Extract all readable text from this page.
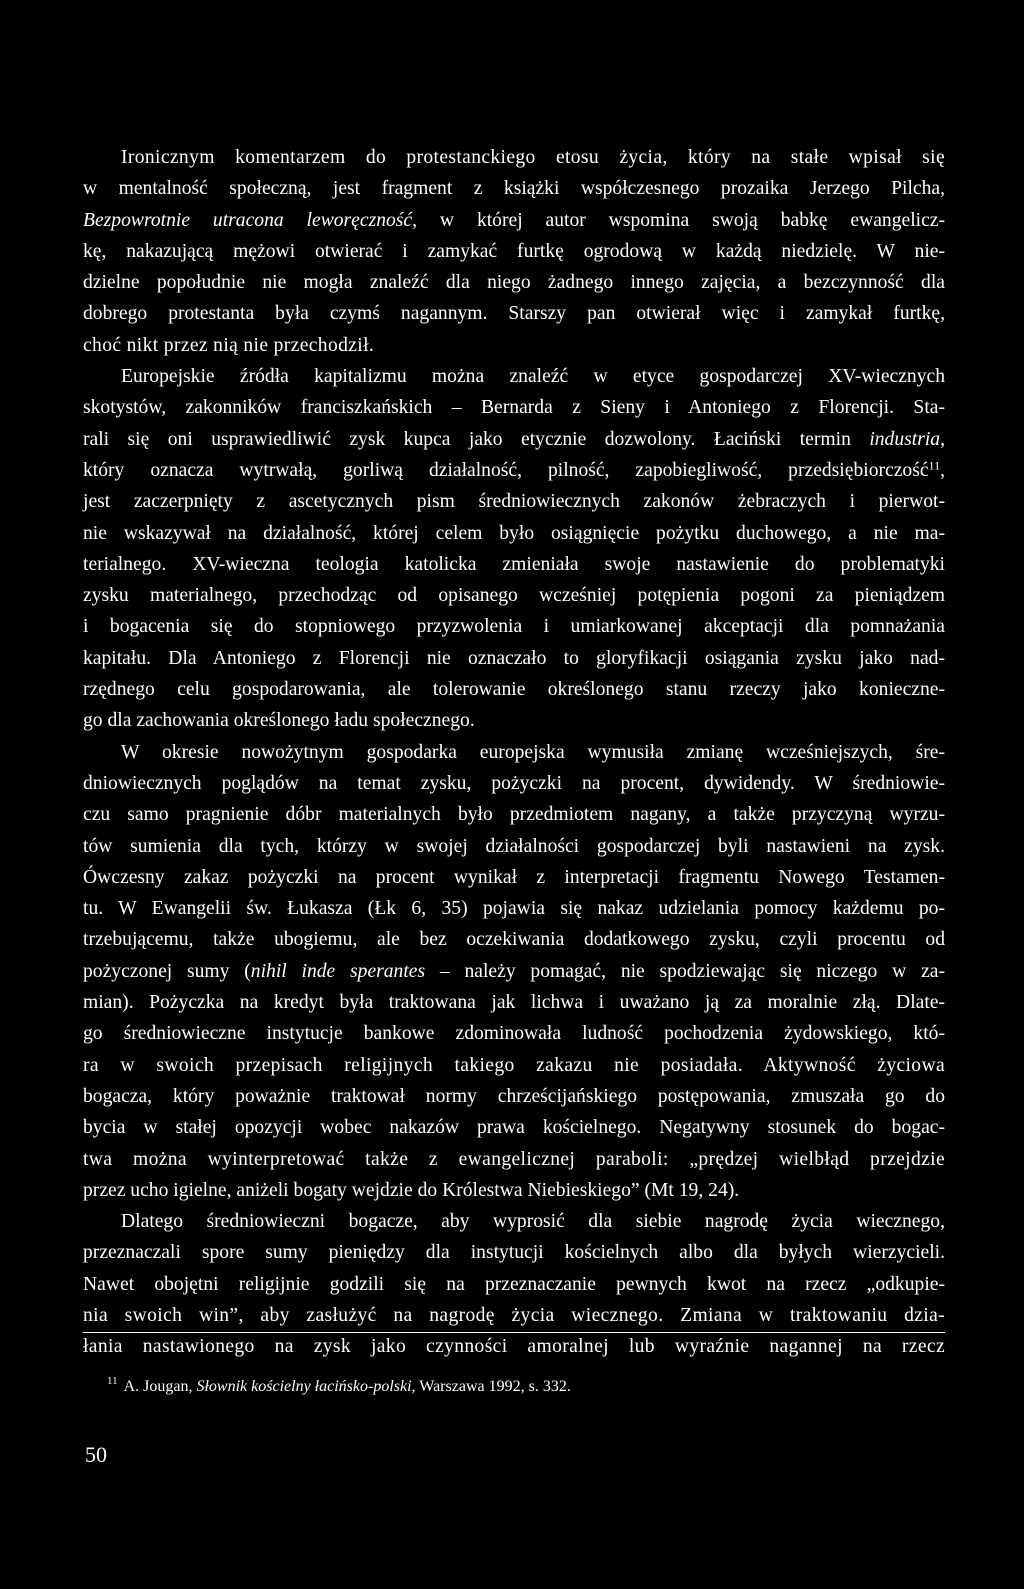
Ironicznym komentarzem do protestanckiego etosu życia, który na stałe wpisał się
w mentalność społeczną, jest fragment z książki współczesnego prozaika Jerzego Pilcha,
Bezpowrotnie utracona leworęczność, w której autor wspomina swoją babkę ewangelicz-
kę, nakazującą mężowi otwierać i zamykać furtkę ogrodową w każdą niedzielę. W nie-
dzielne popołudnie nie mogła znaleźć dla niego żadnego innego zajęcia, a bezczynność dla
dobrego protestanta była czymś nagannym. Starszy pan otwierał więc i zamykał furtkę,
choć nikt przez nią nie przechodził.
Europejskie źródła kapitalizmu można znaleźć w etyce gospodarczej XV-wiecznych
skotystów, zakonników franciszkańskich – Bernarda z Sieny i Antoniego z Florencji. Sta-
rali się oni usprawiedliwić zysk kupca jako etycznie dozwolony. Łaciński termin industria,
który oznacza wytrwałą, gorliwą działalność, pilność, zapobiegliwość, przedsiębiorczość$^{11}$,
jest zaczerpnięty z ascetycznych pism średniowiecznych zakonów żebraczych i pierwot-
nie wskazywał na działalność, której celem było osiągnięcie pożytku duchowego, a nie ma-
terialnego. XV-wieczna teologia katolicka zmieniała swoje nastawienie do problematyki
zysku materialnego, przechodząc od opisanego wcześniej potępienia pogoni za pieniądzem
i bogacenia się do stopniowego przyzwolenia i umiarkowanej akceptacji dla pomnażania
kapitału. Dla Antoniego z Florencji nie oznaczało to gloryfikacji osiągania zysku jako nad-
rzędnego celu gospodarowania, ale tolerowanie określonego stanu rzeczy jako konieczne-
go dla zachowania określonego ładu społecznego.
W okresie nowożytnym gospodarka europejska wymusiła zmianę wcześniejszych, śre-
dniowiecznych poglądów na temat zysku, pożyczki na procent, dywidendy. W średniowie-
czu samo pragnienie dóbr materialnych było przedmiotem nagany, a także przyczyną wyrzu-
tów sumienia dla tych, którzy w swojej działalności gospodarczej byli nastawieni na zysk.
Ówczesny zakaz pożyczki na procent wynikał z interpretacji fragmentu Nowego Testamen-
tu. W Ewangelii św. Łukasza (Łk 6, 35) pojawia się nakaz udzielania pomocy każdemu po-
trzebującemu, także ubogiemu, ale bez oczekiwania dodatkowego zysku, czyli procentu od
pożyczonej sumy (nihil inde sperantes – należy pomagać, nie spodziewając się niczego w za-
mian). Pożyczka na kredyt była traktowana jak lichwa i uważano ją za moralnie złą. Dlate-
go średniowieczne instytucje bankowe zdominowała ludność pochodzenia żydowskiego, któ-
ra w swoich przepisach religijnych takiego zakazu nie posiadała. Aktywność życiowa
bogacza, który poważnie traktował normy chrześcijańskiego postępowania, zmuszała go do
bycia w stałej opozycji wobec nakazów prawa kościelnego. Negatywny stosunek do bogac-
twa można wyinterpretować także z ewangelicznej paraboli: „prędzej wielbłąd przejdzie
przez ucho igielne, aniżeli bogaty wejdzie do Królestwa Niebieskiego” (Mt 19, 24).
Dlatego średniowieczni bogacze, aby wyprosić dla siebie nagrodę życia wiecznego,
przeznaczali spore sumy pieniędzy dla instytucji kościelnych albo dla byłych wierzycieli.
Nawet obojętni religijnie godzili się na przeznaczanie pewnych kwot na rzecz „odkupie-
nia swoich win”, aby zasłużyć na nagrodę życia wiecznego. Zmiana w traktowaniu dzia-
łania nastawionego na zysk jako czynności amoralnej lub wyraźnie nagannej na rzecz
$^{11}$ A. Jougan, Słownik kościelny łacińsko-polski, Warszawa 1992, s. 332.
50
